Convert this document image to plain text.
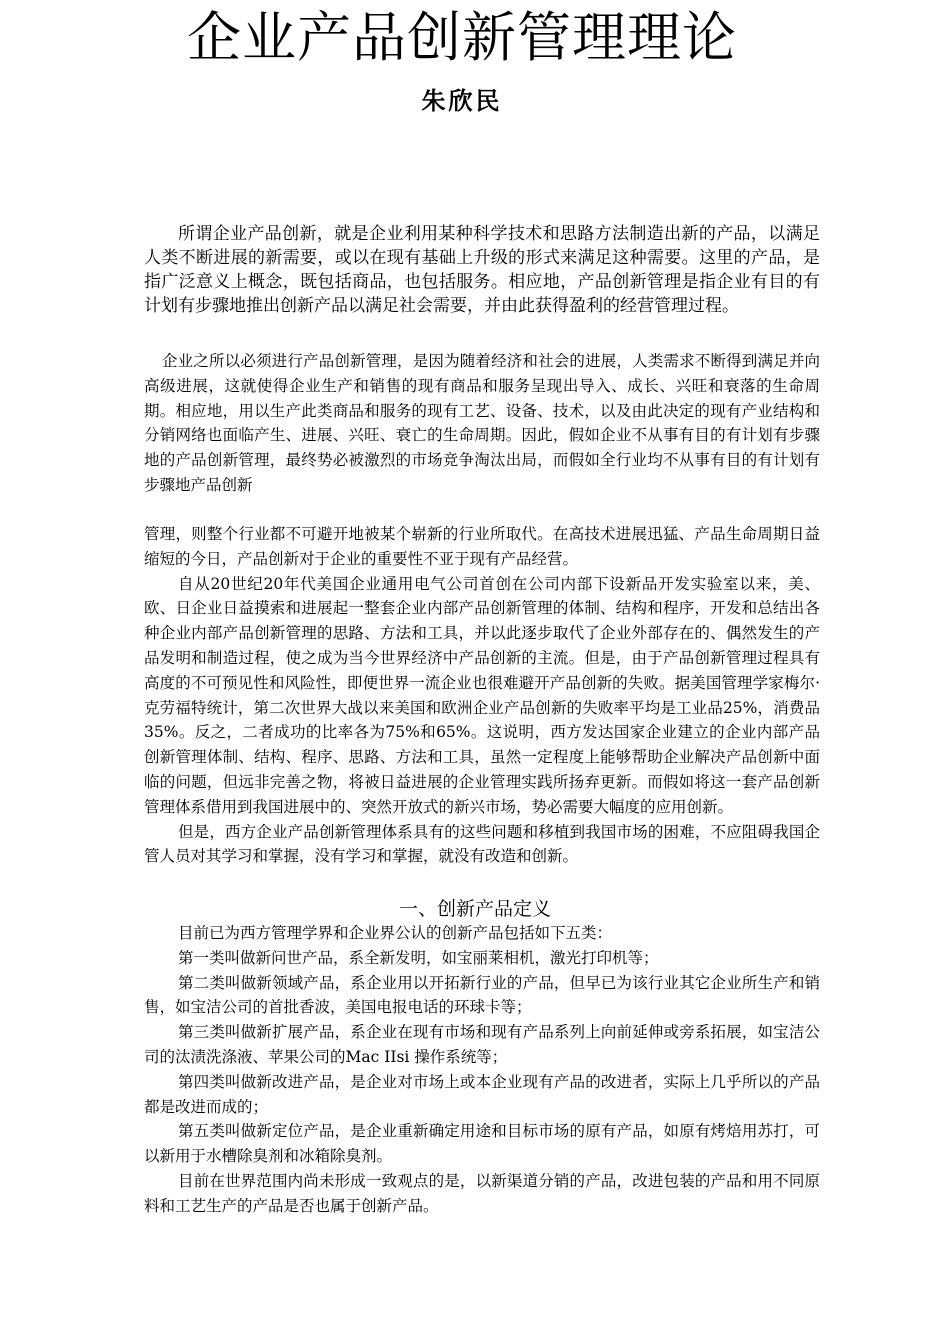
企业产品创新管理理论
朱欣民

所谓企业产品创新，就是企业利用某种科学技术和思路方法制造出新的产品，以满足人类不断进展的新需要，或以在现有基础上升级的形式来满足这种需要。这里的产品，是指广泛意义上概念，既包括商品，也包括服务。相应地，产品创新管理是指企业有目的有计划有步骤地推出创新产品以满足社会需要，并由此获得盈利的经营管理过程。

企业之所以必须进行产品创新管理，是因为随着经济和社会的进展，人类需求不断得到满足并向高级进展，这就使得企业生产和销售的现有商品和服务呈现出导入、成长、兴旺和衰落的生命周期。相应地，用以生产此类商品和服务的现有工艺、设备、技术，以及由此决定的现有产业结构和分销网络也面临产生、进展、兴旺、衰亡的生命周期。因此，假如企业不从事有目的有计划有步骤地的产品创新管理，最终势必被激烈的市场竞争淘汰出局，而假如全行业均不从事有目的有计划有步骤地产品创新

管理，则整个行业都不可避开地被某个崭新的行业所取代。在高技术进展迅猛、产品生命周期日益缩短的今日，产品创新对于企业的重要性不亚于现有产品经营。

自从20世纪20年代美国企业通用电气公司首创在公司内部下设新品开发实验室以来，美、欧、日企业日益摸索和进展起一整套企业内部产品创新管理的体制、结构和程序，开发和总结出各种企业内部产品创新管理的思路、方法和工具，并以此逐步取代了企业外部存在的、偶然发生的产品发明和制造过程，使之成为当今世界经济中产品创新的主流。但是，由于产品创新管理过程具有高度的不可预见性和风险性，即便世界一流企业也很难避开产品创新的失败。据美国管理学家梅尔·克劳福特统计，第二次世界大战以来美国和欧洲企业产品创新的失败率平均是工业品25%，消费品35%。反之，二者成功的比率各为75%和65%。这说明，西方发达国家企业建立的企业内部产品创新管理体制、结构、程序、思路、方法和工具，虽然一定程度上能够帮助企业解决产品创新中面临的问题，但远非完善之物，将被日益进展的企业管理实践所扬弃更新。而假如将这一套产品创新管理体系借用到我国进展中的、突然开放式的新兴市场，势必需要大幅度的应用创新。

但是，西方企业产品创新管理体系具有的这些问题和移植到我国市场的困难，不应阻碍我国企管人员对其学习和掌握，没有学习和掌握，就没有改造和创新。

一、创新产品定义

目前已为西方管理学界和企业界公认的创新产品包括如下五类：

第一类叫做新问世产品，系全新发明，如宝丽莱相机，激光打印机等；

第二类叫做新领域产品，系企业用以开拓新行业的产品，但早已为该行业其它企业所生产和销售，如宝洁公司的首批香波，美国电报电话的环球卡等；

第三类叫做新扩展产品，系企业在现有市场和现有产品系列上向前延伸或旁系拓展，如宝洁公司的汰渍洗涤液、苹果公司的Mac IIsi 操作系统等；

第四类叫做新改进产品，是企业对市场上或本企业现有产品的改进者，实际上几乎所以的产品都是改进而成的；

第五类叫做新定位产品，是企业重新确定用途和目标市场的原有产品，如原有烤焙用苏打，可以新用于水槽除臭剂和冰箱除臭剂。

目前在世界范围内尚未形成一致观点的是，以新渠道分销的产品，改进包装的产品和用不同原料和工艺生产的产品是否也属于创新产品。
